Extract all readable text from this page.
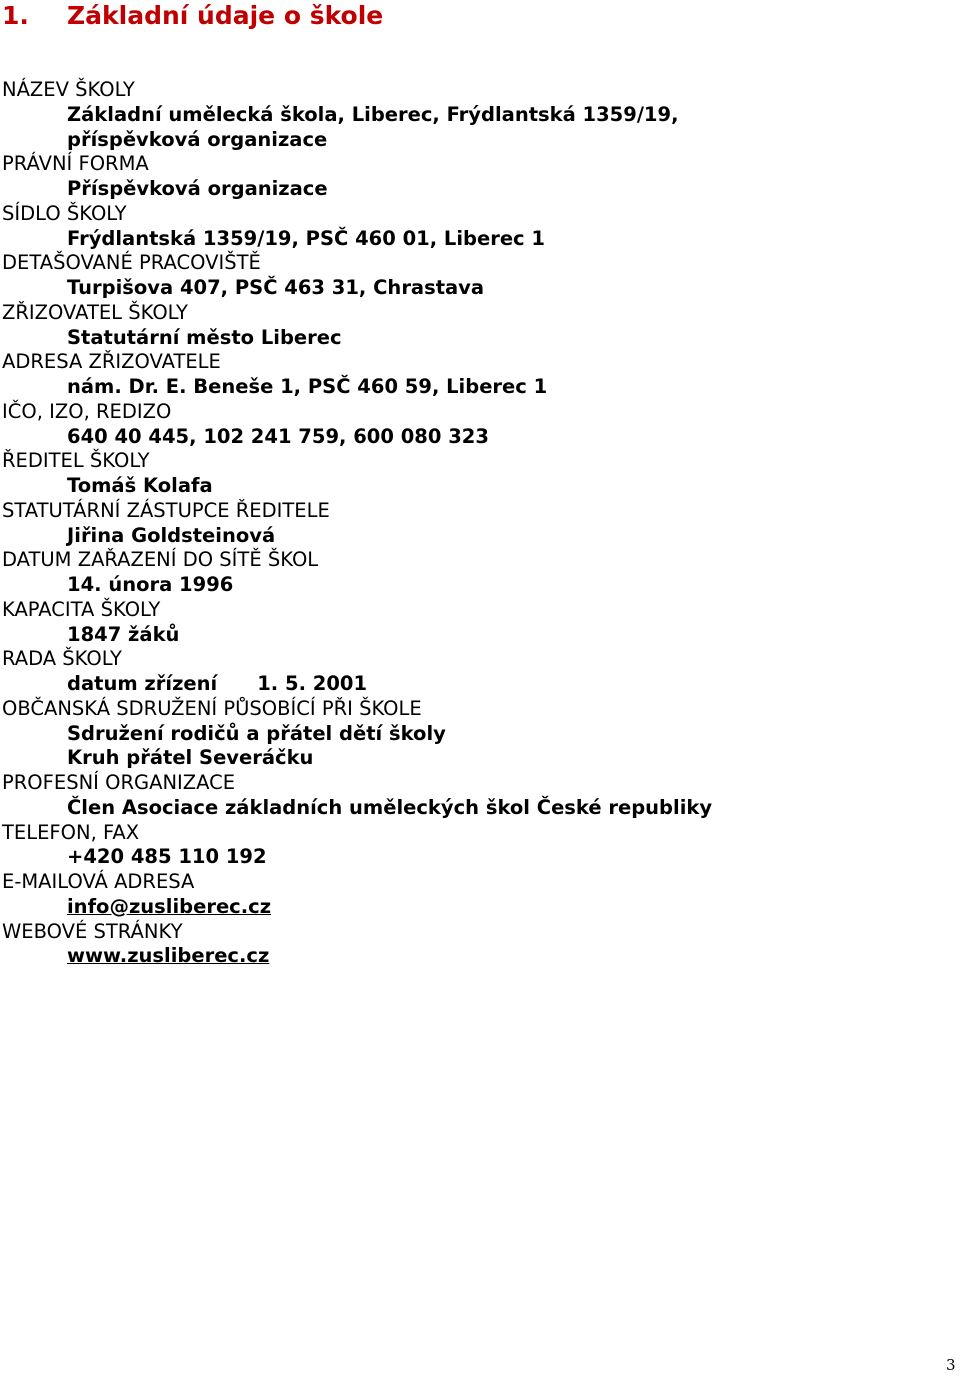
1. Základní údaje o škole
NÁZEV ŠKOLY
Základní umělecká škola, Liberec, Frýdlantská 1359/19,
příspěvková organizace
PRÁVNÍ FORMA
Příspěvková organizace
SÍDLO ŠKOLY
Frýdlantská 1359/19, PSČ 460 01, Liberec 1
DETAŠOVANÉ PRACOVIŠTĚ
Turpišova 407, PSČ 463 31, Chrastava
ZŘIZOVATEL ŠKOLY
Statutární město Liberec
ADRESA ZŘIZOVATELE
nám. Dr. E. Beneše 1, PSČ 460 59, Liberec 1
IČO, IZO, REDIZO
640 40 445, 102 241 759, 600 080 323
ŘEDITEL ŠKOLY
Tomáš Kolafa
STATUTÁRNÍ ZÁSTUPCE ŘEDITELE
Jiřina Goldsteinová
DATUM ZAŘAZENÍ DO SÍTĚ ŠKOL
14. února 1996
KAPACITA ŠKOLY
1847 žáků
RADA ŠKOLY
datum zřízení 1. 5. 2001
OBČANSKÁ SDRUŽENÍ PŮSOBÍCÍ PŘI ŠKOLE
Sdružení rodičů a přátel dětí školy
Kruh přátel Severáčku
PROFESNÍ ORGANIZACE
Člen Asociace základních uměleckých škol České republiky
TELEFON, FAX
+420 485 110 192
E-MAILOVÁ ADRESA
info@zusliberec.cz
WEBOVÉ STRÁNKY
www.zusliberec.cz
3
